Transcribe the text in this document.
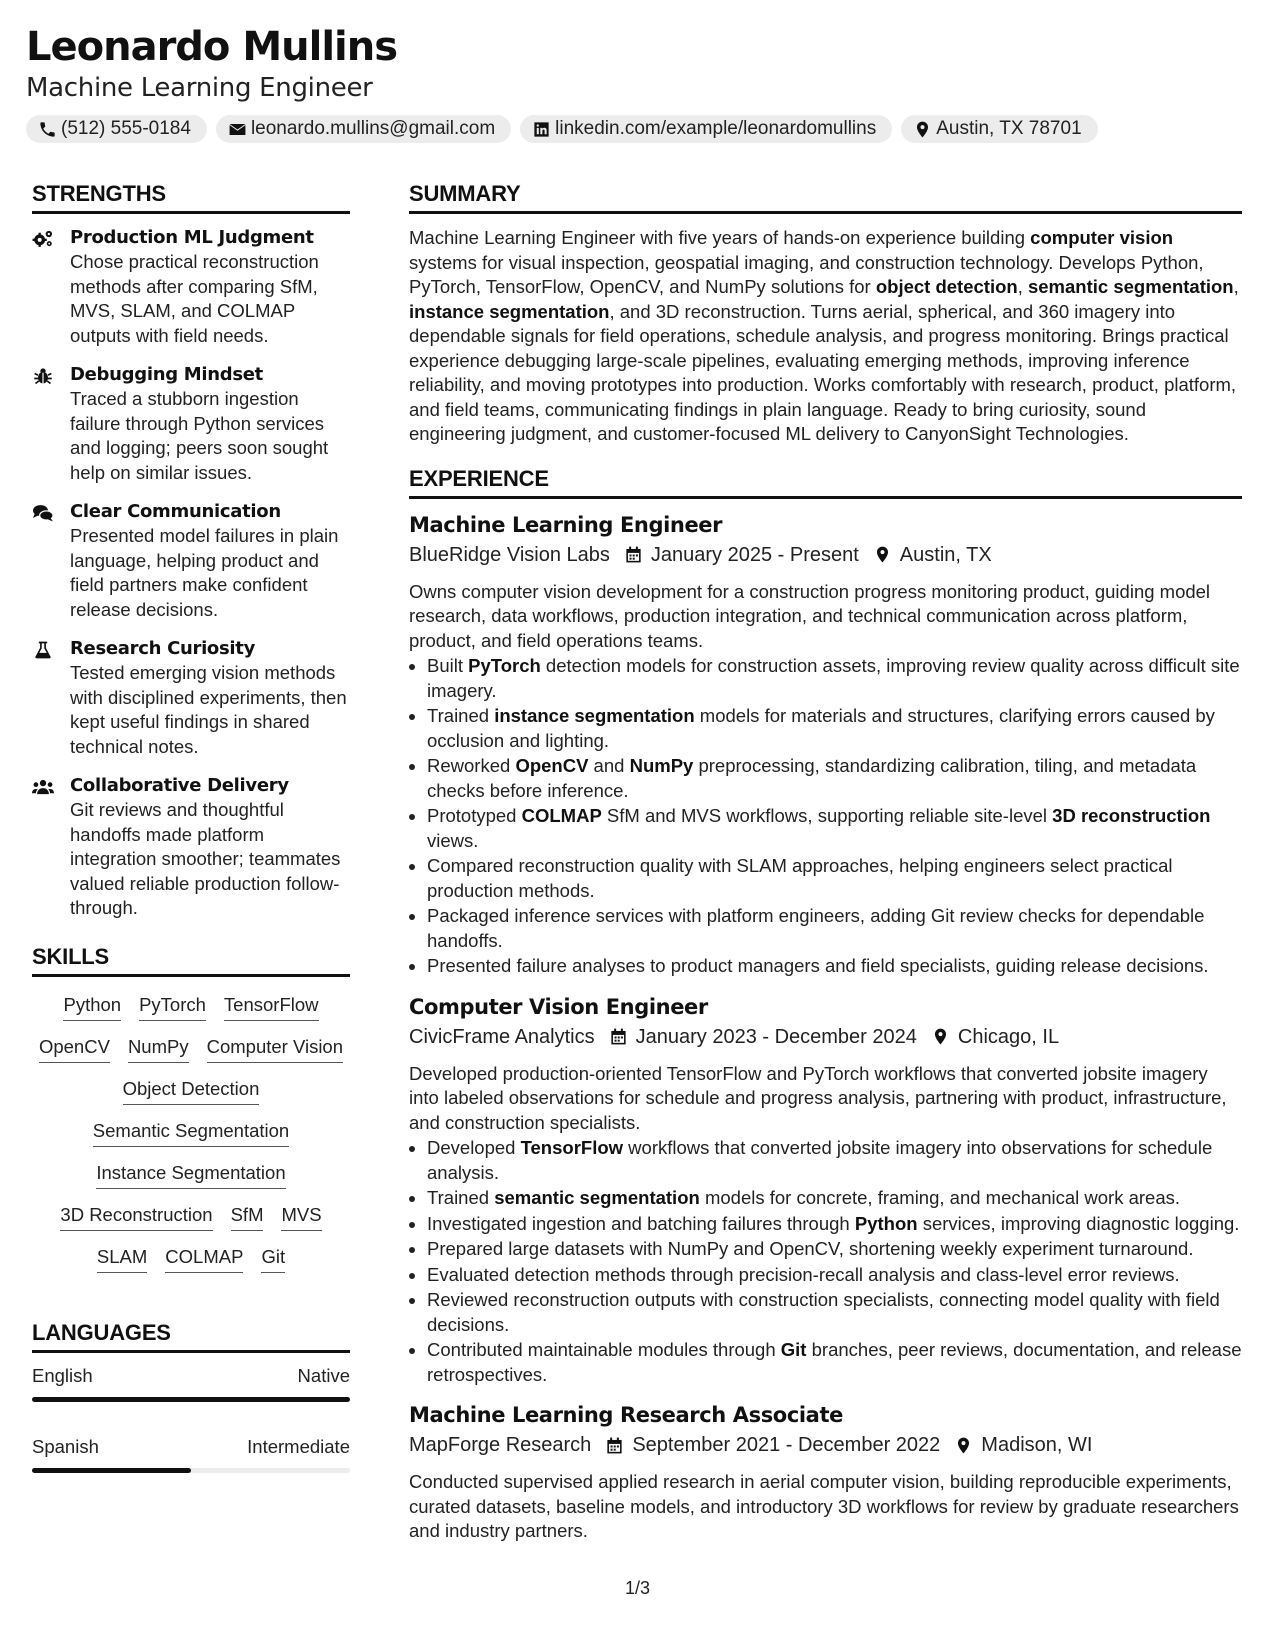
Leonardo Mullins
Machine Learning Engineer
(512) 555-0184	leonardo.mullins@gmail.com	linkedin.com/example/leonardomullins	Austin, TX 78701
STRENGTHS
Production ML Judgment
Chose practical reconstruction methods after comparing SfM, MVS, SLAM, and COLMAP outputs with field needs.
Debugging Mindset
Traced a stubborn ingestion failure through Python services and logging; peers soon sought help on similar issues.
Clear Communication
Presented model failures in plain language, helping product and field partners make confident release decisions.
Research Curiosity
Tested emerging vision methods with disciplined experiments, then kept useful findings in shared technical notes.
Collaborative Delivery
Git reviews and thoughtful handoffs made platform integration smoother; teammates valued reliable production follow-through.
SKILLS
Python PyTorch TensorFlow
OpenCV NumPy Computer Vision
Object Detection
Semantic Segmentation
Instance Segmentation
3D Reconstruction SfM MVS
SLAM COLMAP Git
LANGUAGES
English	Native
Spanish	Intermediate
SUMMARY

Machine Learning Engineer with five years of hands-on experience building computer vision systems for visual inspection, geospatial imaging, and construction technology. Develops Python, PyTorch, TensorFlow, OpenCV, and NumPy solutions for object detection, semantic segmentation, instance segmentation, and 3D reconstruction. Turns aerial, spherical, and 360 imagery into dependable signals for field operations, schedule analysis, and progress monitoring. Brings practical experience debugging large-scale pipelines, evaluating emerging methods, improving inference reliability, and moving prototypes into production. Works comfortably with research, product, platform, and field teams, communicating findings in plain language. Ready to bring curiosity, sound engineering judgment, and customer-focused ML delivery to CanyonSight Technologies.

EXPERIENCE
Machine Learning Engineer
BlueRidge Vision Labs January 2025 - Present Austin, TX
Owns computer vision development for a construction progress monitoring product, guiding model research, data workflows, production integration, and technical communication across platform, product, and field operations teams.
• Built PyTorch detection models for construction assets, improving review quality across difficult site imagery.
• Trained instance segmentation models for materials and structures, clarifying errors caused by occlusion and lighting.
• Reworked OpenCV and NumPy preprocessing, standardizing calibration, tiling, and metadata checks before inference.
• Prototyped COLMAP SfM and MVS workflows, supporting reliable site-level 3D reconstruction views.
• Compared reconstruction quality with SLAM approaches, helping engineers select practical production methods.
• Packaged inference services with platform engineers, adding Git review checks for dependable handoffs.
• Presented failure analyses to product managers and field specialists, guiding release decisions.
Computer Vision Engineer
CivicFrame Analytics January 2023 - December 2024 Chicago, IL
Developed production-oriented TensorFlow and PyTorch workflows that converted jobsite imagery into labeled observations for schedule and progress analysis, partnering with product, infrastructure, and construction specialists.
• Developed TensorFlow workflows that converted jobsite imagery into observations for schedule analysis.
• Trained semantic segmentation models for concrete, framing, and mechanical work areas.
• Investigated ingestion and batching failures through Python services, improving diagnostic logging.
• Prepared large datasets with NumPy and OpenCV, shortening weekly experiment turnaround.
• Evaluated detection methods through precision-recall analysis and class-level error reviews.
• Reviewed reconstruction outputs with construction specialists, connecting model quality with field decisions.
• Contributed maintainable modules through Git branches, peer reviews, documentation, and release retrospectives.
Machine Learning Research Associate
MapForge Research September 2021 - December 2022 Madison, WI
Conducted supervised applied research in aerial computer vision, building reproducible experiments, curated datasets, baseline models, and introductory 3D workflows for review by graduate researchers and industry partners.
1/3
